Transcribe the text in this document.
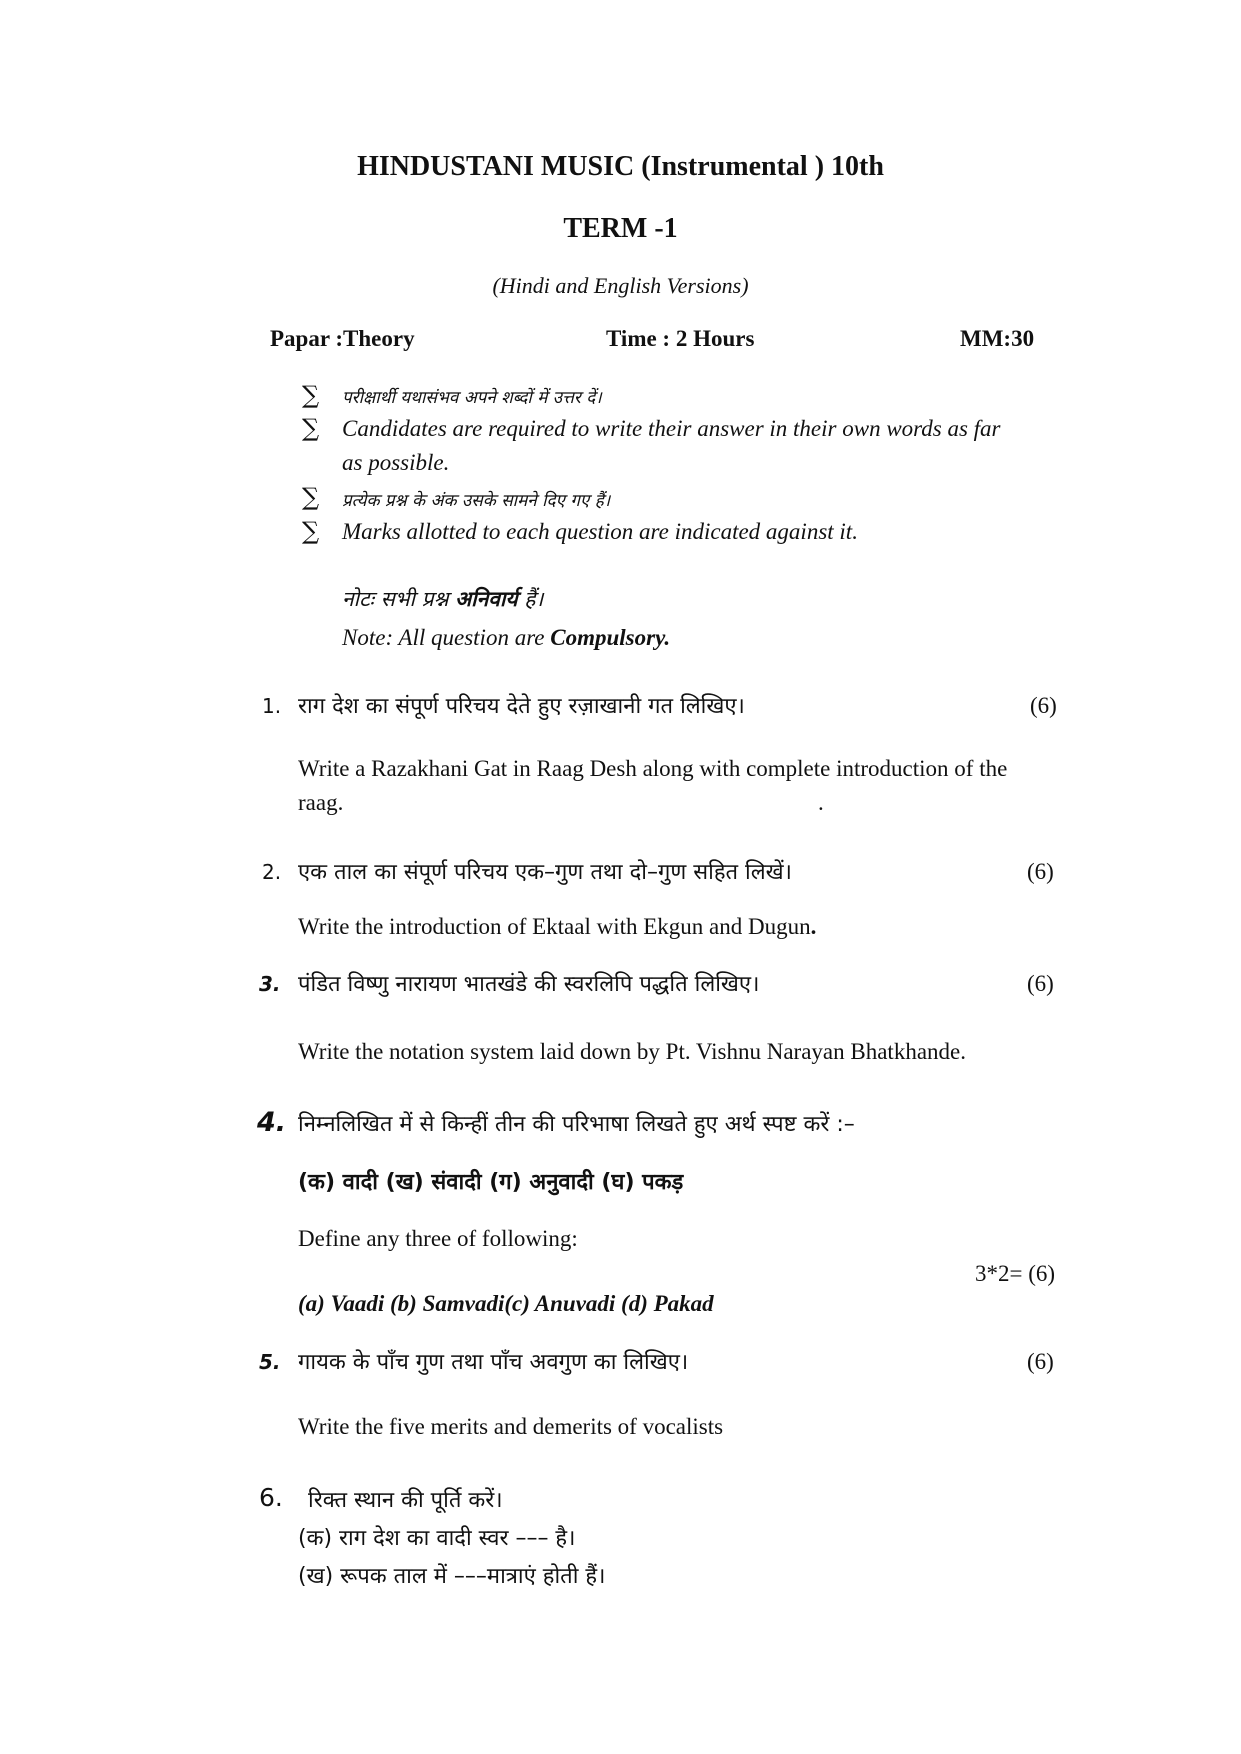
HINDUSTANI MUSIC (Instrumental ) 10th
TERM -1
(Hindi and English Versions)
Papar :Theory	Time : 2 Hours	MM:30
∑ परीक्षार्थी यथासंभव अपने शब्दों में उत्तर दें।
∑ Candidates are required to write their answer in their own words as far
as possible.
∑ प्रत्येक प्रश्न के अंक उसके सामने दिए गए हैं।
∑ Marks allotted to each question are indicated against it.
नोटः सभी प्रश्न अनिवार्य हैं।
Note: All question are Compulsory.
1. राग देश का संपूर्ण परिचय देते हुए रज़ाखानी गत लिखिए।	(6)
Write a Razakhani Gat in Raag Desh along with complete introduction of the
raag.	.
2. एक ताल का संपूर्ण परिचय एक–गुण तथा दो–गुण सहित लिखें।	(6)
Write the introduction of Ektaal with Ekgun and Dugun.
3. पंडित विष्णु नारायण भातखंडे की स्वरलिपि पद्धति लिखिए।	(6)
Write the notation system laid down by Pt. Vishnu Narayan Bhatkhande.
4. निम्नलिखित में से किन्हीं तीन की परिभाषा लिखते हुए अर्थ स्पष्ट करें :–
(क) वादी (ख) संवादी (ग) अनुवादी (घ) पकड़
Define any three of following:
3*2= (6)
(a) Vaadi (b) Samvadi(c) Anuvadi (d) Pakad
5. गायक के पाँच गुण तथा पाँच अवगुण का लिखिए।	(6)
Write the five merits and demerits of vocalists
6. रिक्त स्थान की पूर्ति करें।
(क) राग देश का वादी स्वर ––– है।
(ख) रूपक ताल में –––मात्राएं होती हैं।
